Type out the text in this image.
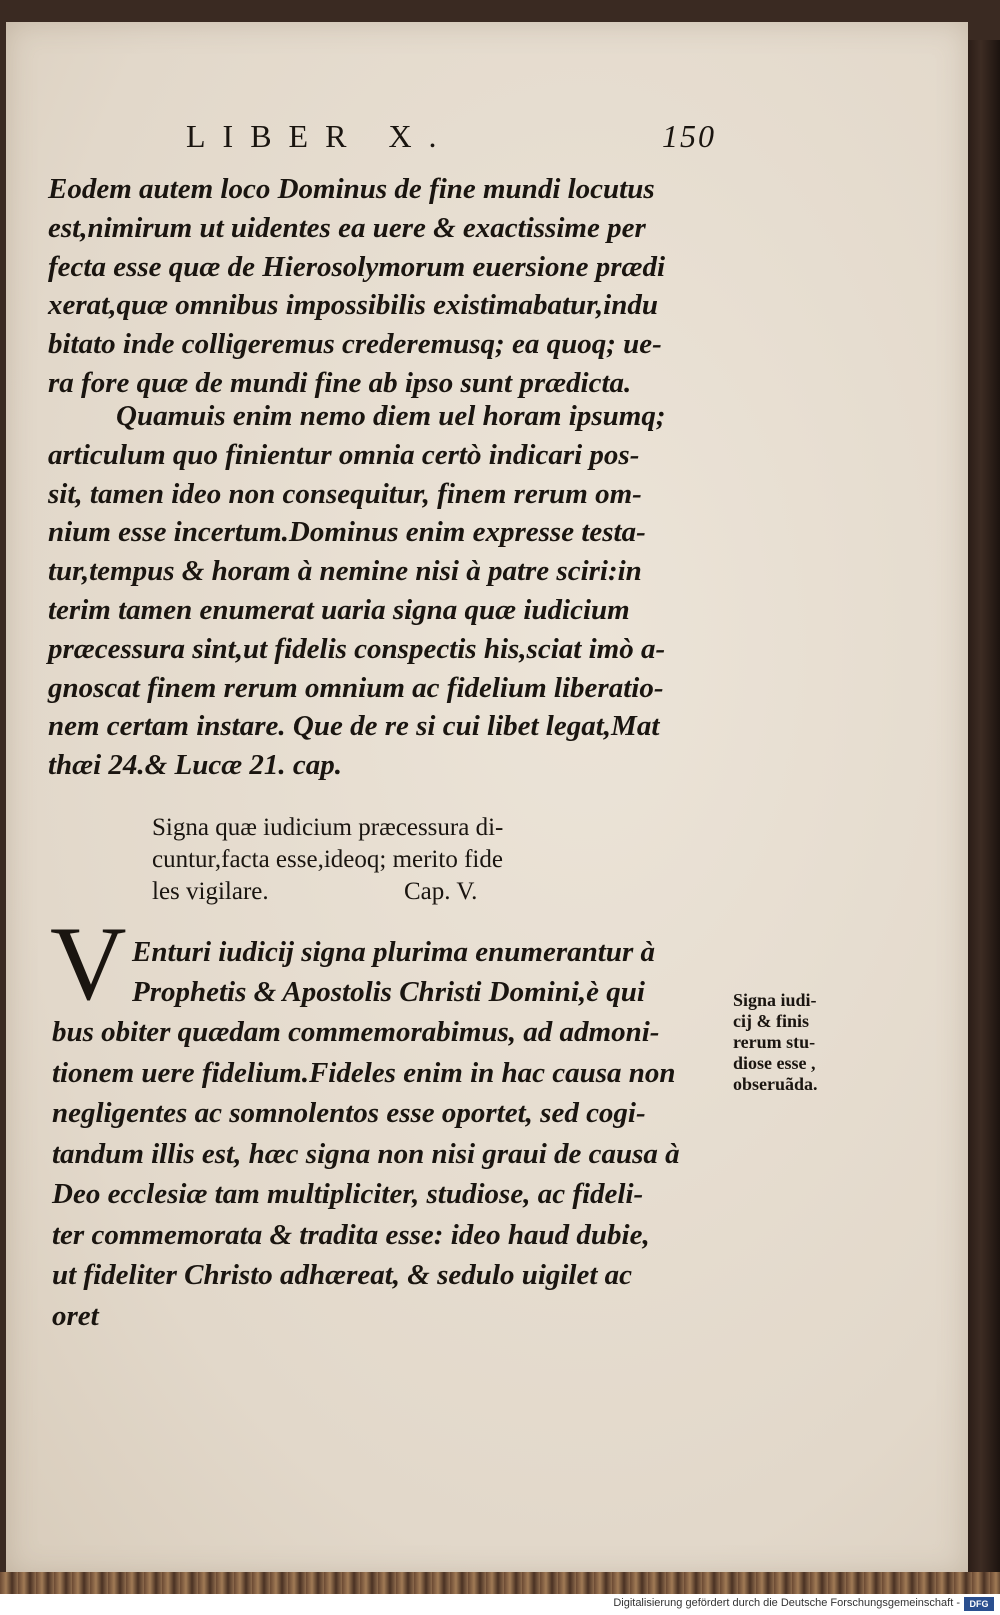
LIBER X.	150
Eodem autem loco Dominus de fine mundi locutus
est,nimirum ut uidentes ea uere & exactissime per
fecta esse quæ de Hierosolymorum euersione prædi
xerat,quæ omnibus impossibilis existimabatur,indu
bitato inde colligeremus crederemusq; ea quoq; ue-
ra fore quæ de mundi fine ab ipso sunt prædicta.
Quamuis enim nemo diem uel horam ipsumq;
articulum quo finientur omnia certò indicari pos-
sit, tamen ideo non consequitur, finem rerum om-
nium esse incertum.Dominus enim expresse testa-
tur,tempus & horam à nemine nisi à patre sciri:in
terim tamen enumerat uaria signa quæ iudicium
præcessura sint,ut fidelis conspectis his,sciat imò a-
gnoscat finem rerum omnium ac fidelium liberatio-
nem certam instare. Que de re si cui libet legat,Mat
thæi 24.& Lucæ 21. cap.
Signa quæ iudicium præcessura di-
cuntur,facta esse,ideoq; merito fide
les vigilare.	Cap. V.
V Enturi iudicij signa plurima enumerantur à
Prophetis & Apostolis Christi Domini,è qui
bus obiter quædam commemorabimus, ad admoni-
tionem uere fidelium.Fideles enim in hac causa non
negligentes ac somnolentos esse oportet, sed cogi-
tandum illis est, hæc signa non nisi graui de causa à
Deo ecclesiæ tam multipliciter, studiose, ac fideli-
ter commemorata & tradita esse: ideo haud dubie,
ut fideliter Christo adhæreat, & sedulo uigilet ac
oret
Signa iudi-
cij & finis
rerum stu-
diose esse ,
obseruãda.
Digitalisierung gefördert durch die Deutsche Forschungsgemeinschaft -	DFG
